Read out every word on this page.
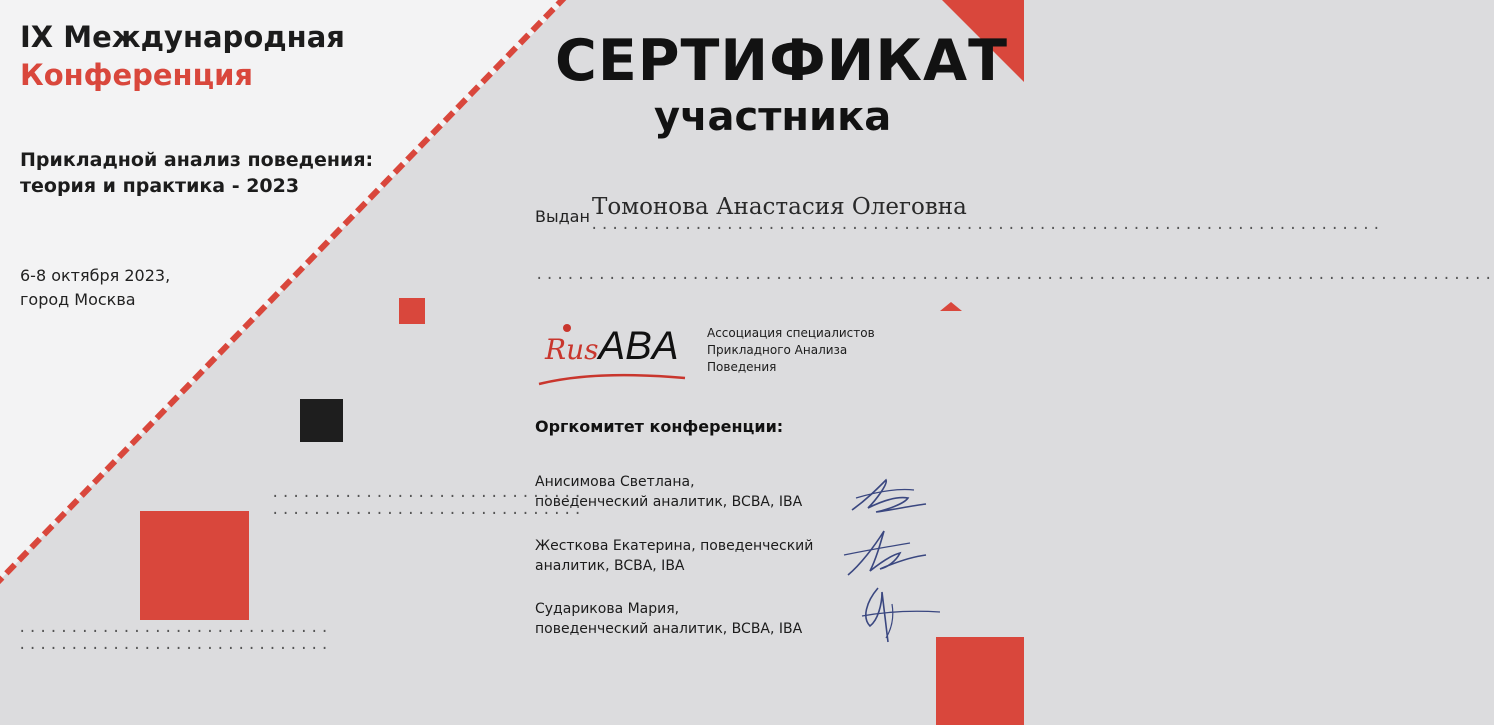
IX Международная
Конференция
Прикладной анализ поведения:
теория и практика - 2023
6-8 октября 2023,
город Москва
..............................
..............................
..............................
..............................
СЕРТИФИКАТ
участника
Выдан Томонова Анастасия Олеговна
............................................................................
............................................................................................
RusABA Ассоциация специалистов
Прикладного Анализа
Поведения
Оргкомитет конференции:
Анисимова Светлана,
поведенческий аналитик, BCBA, IBA
Жесткова Екатерина, поведенческий
аналитик, BCBA, IBA
Сударикова Мария,
поведенческий аналитик, BCBA, IBA
